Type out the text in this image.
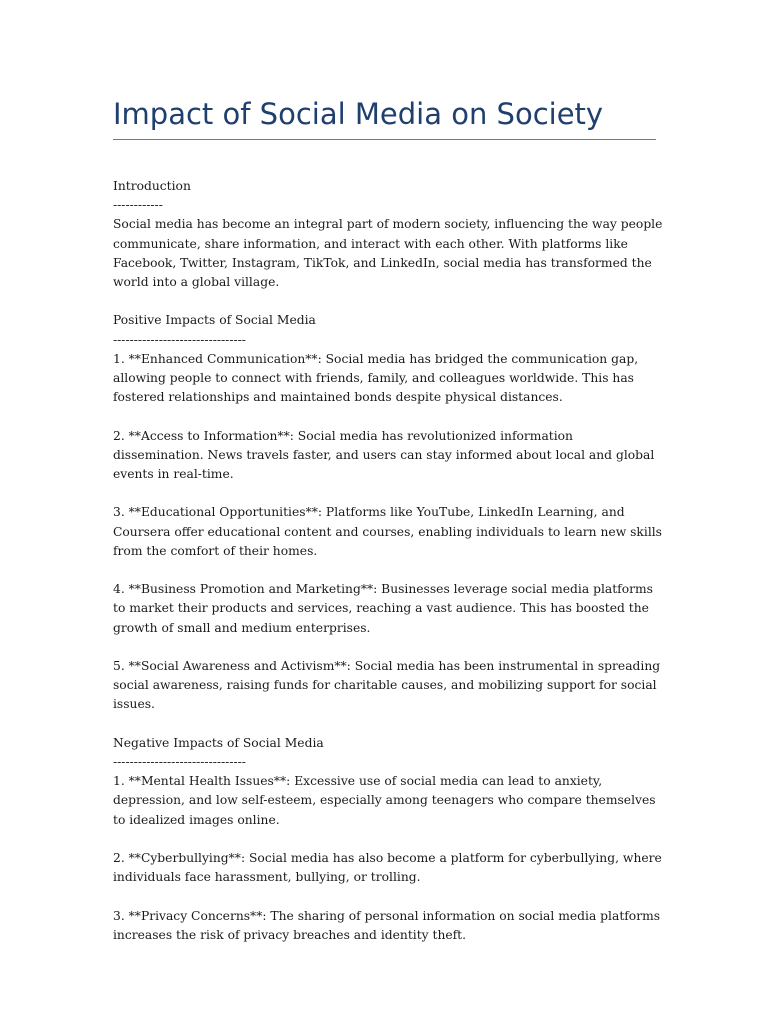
Impact of Social Media on Society

Introduction
------------

Social media has become an integral part of modern society, influencing the way people communicate, share information, and interact with each other. With platforms like Facebook, Twitter, Instagram, TikTok, and LinkedIn, social media has transformed the world into a global village.

Positive Impacts of Social Media
--------------------------------

1. **Enhanced Communication**: Social media has bridged the communication gap, allowing people to connect with friends, family, and colleagues worldwide. This has fostered relationships and maintained bonds despite physical distances.

2. **Access to Information**: Social media has revolutionized information dissemination. News travels faster, and users can stay informed about local and global events in real-time.

3. **Educational Opportunities**: Platforms like YouTube, LinkedIn Learning, and Coursera offer educational content and courses, enabling individuals to learn new skills from the comfort of their homes.

4. **Business Promotion and Marketing**: Businesses leverage social media platforms to market their products and services, reaching a vast audience. This has boosted the growth of small and medium enterprises.

5. **Social Awareness and Activism**: Social media has been instrumental in spreading social awareness, raising funds for charitable causes, and mobilizing support for social issues.

Negative Impacts of Social Media
--------------------------------

1. **Mental Health Issues**: Excessive use of social media can lead to anxiety, depression, and low self-esteem, especially among teenagers who compare themselves to idealized images online.

2. **Cyberbullying**: Social media has also become a platform for cyberbullying, where individuals face harassment, bullying, or trolling.

3. **Privacy Concerns**: The sharing of personal information on social media platforms increases the risk of privacy breaches and identity theft.
